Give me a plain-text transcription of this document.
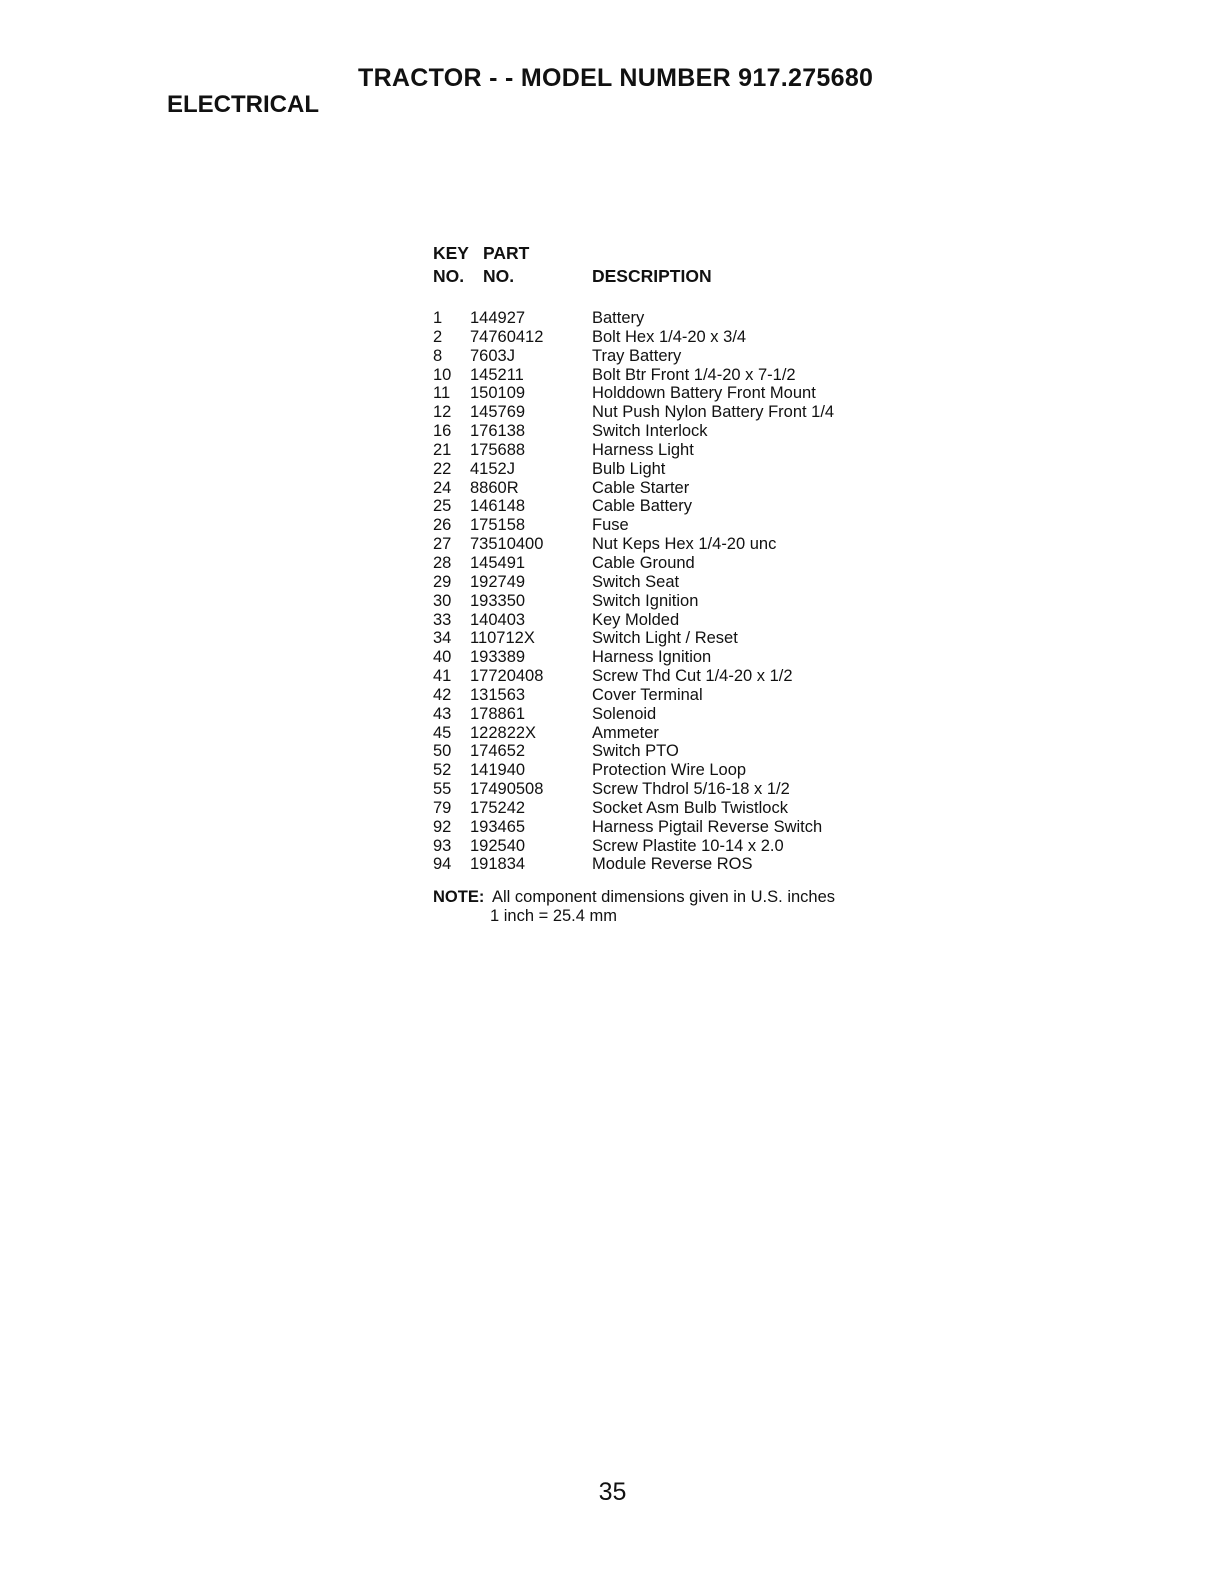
TRACTOR - - MODEL NUMBER 917.275680
ELECTRICAL
KEY PART
NO. NO.	DESCRIPTION
1 144927	Battery
2 74760412	Bolt Hex 1/4-20 x 3/4
8 7603J	Tray Battery
10 145211	Bolt Btr Front 1/4-20 x 7-1/2
11 150109	Holddown Battery Front Mount
12 145769	Nut Push Nylon Battery Front 1/4
16 176138	Switch Interlock
21 175688	Harness Light
22 4152J	Bulb Light
24 8860R	Cable Starter
25 146148	Cable Battery
26 175158	Fuse
27 73510400	Nut Keps Hex 1/4-20 unc
28 145491	Cable Ground
29 192749	Switch Seat
30 193350	Switch Ignition
33 140403	Key Molded
34 110712X	Switch Light / Reset
40 193389	Harness Ignition
41 17720408	Screw Thd Cut 1/4-20 x 1/2
42 131563	Cover Terminal
43 178861	Solenoid
45 122822X	Ammeter
50 174652	Switch PTO
52 141940	Protection Wire Loop
55 17490508	Screw Thdrol 5/16-18 x 1/2
79 175242	Socket Asm Bulb Twistlock
92 193465	Harness Pigtail Reverse Switch
93 192540	Screw Plastite 10-14 x 2.0
94 191834	Module Reverse ROS
NOTE: All component dimensions given in U.S. inches
1 inch = 25.4 mm
35
